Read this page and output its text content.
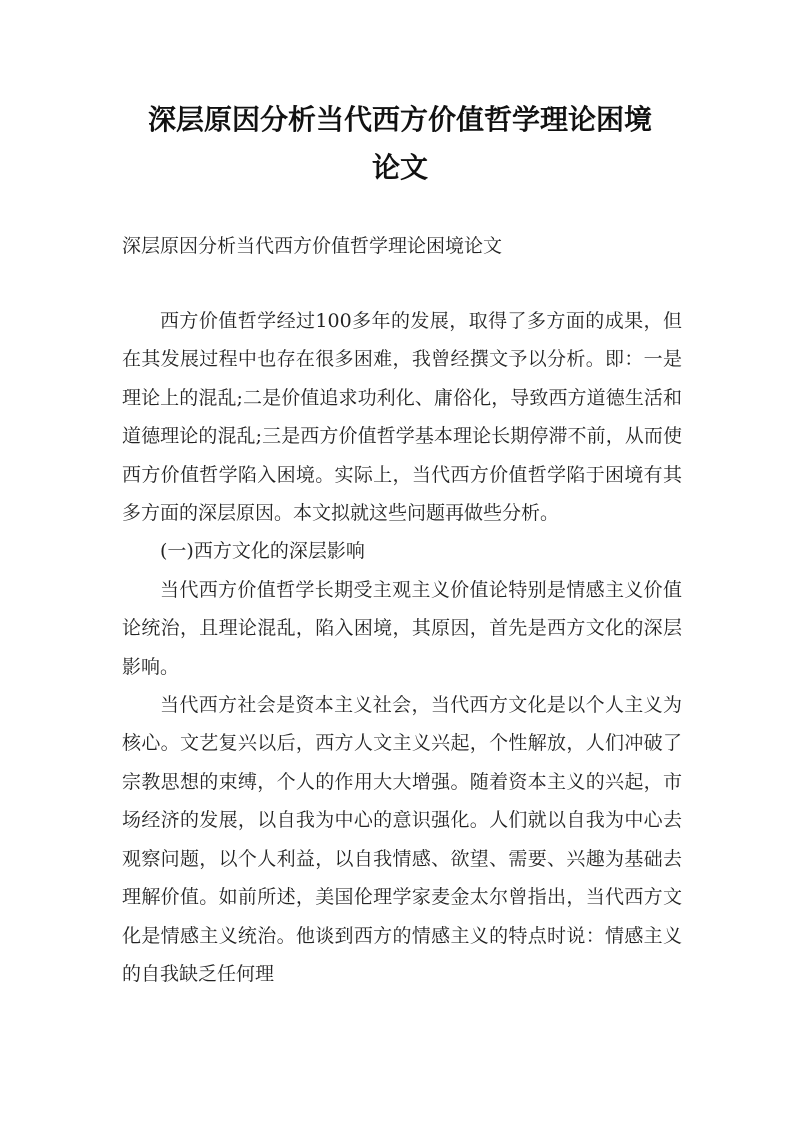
深层原因分析当代西方价值哲学理论困境
论文
深层原因分析当代西方价值哲学理论困境论文

西方价值哲学经过100多年的发展，取得了多方面的成果，但在其发展过程中也存在很多困难，我曾经撰文予以分析。即：一是理论上的混乱;二是价值追求功利化、庸俗化，导致西方道德生活和道德理论的混乱;三是西方价值哲学基本理论长期停滞不前，从而使西方价值哲学陷入困境。实际上，当代西方价值哲学陷于困境有其多方面的深层原因。本文拟就这些问题再做些分析。

(一)西方文化的深层影响

当代西方价值哲学长期受主观主义价值论特别是情感主义价值论统治，且理论混乱，陷入困境，其原因，首先是西方文化的深层影响。

当代西方社会是资本主义社会，当代西方文化是以个人主义为核心。文艺复兴以后，西方人文主义兴起，个性解放，人们冲破了宗教思想的束缚，个人的作用大大增强。随着资本主义的兴起，市场经济的发展，以自我为中心的意识强化。人们就以自我为中心去观察问题，以个人利益，以自我情感、欲望、需要、兴趣为基础去理解价值。如前所述，美国伦理学家麦金太尔曾指出，当代西方文化是情感主义统治。他谈到西方的情感主义的特点时说：情感主义的自我缺乏任何理
